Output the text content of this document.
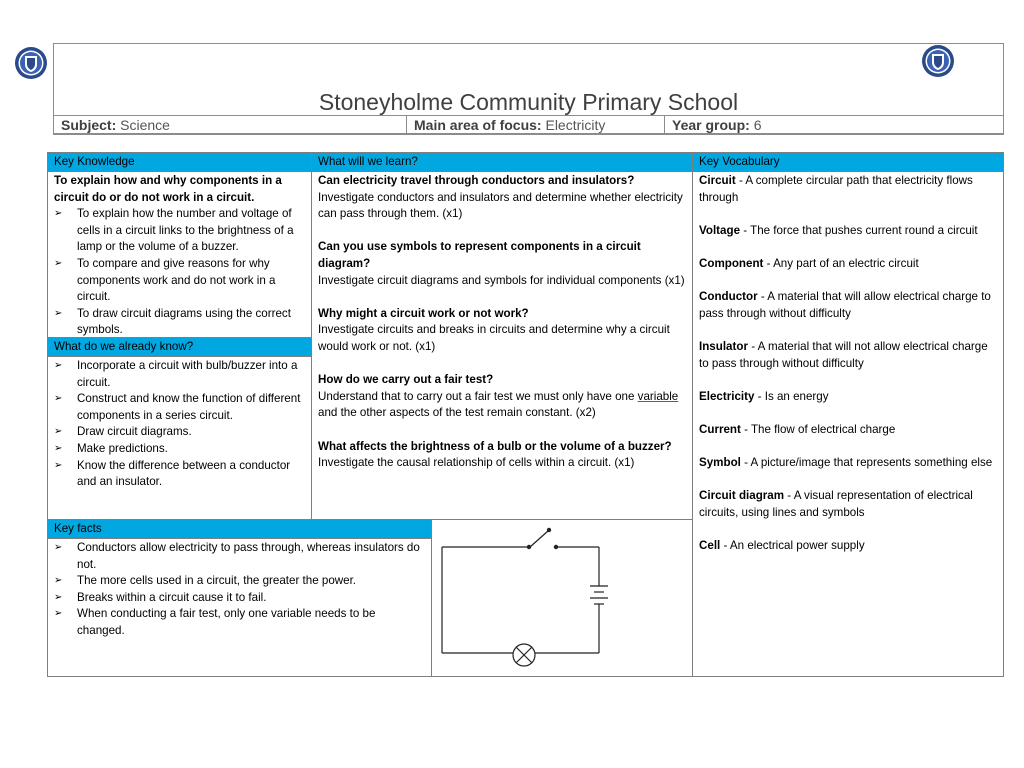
Stoneyholme Community Primary School
Subject: Science	Main area of focus: Electricity	Year group: 6
Key Knowledge

To explain how and why components in a circuit do or do not work in a circuit.

➢ To explain how the number and voltage of cells in a circuit links to the brightness of a lamp or the volume of a buzzer.
➢ To compare and give reasons for why components work and do not work in a circuit.
➢ To draw circuit diagrams using the correct symbols.
What do we already know?
➢ Incorporate a circuit with bulb/buzzer into a circuit.
➢ Construct and know the function of different components in a series circuit.
➢ Draw circuit diagrams.
➢ Make predictions.
➢ Know the difference between a conductor and an insulator.
What will we learn?

Can electricity travel through conductors and insulators?

Investigate conductors and insulators and determine whether electricity can pass through them. (x1)

Can you use symbols to represent components in a circuit diagram?

Investigate circuit diagrams and symbols for individual components (x1)

Why might a circuit work or not work?

Investigate circuits and breaks in circuits and determine why a circuit would work or not. (x1)

How do we carry out a fair test?

Understand that to carry out a fair test we must only have one variable and the other aspects of the test remain constant. (x2)

What affects the brightness of a bulb or the volume of a buzzer?

Investigate the causal relationship of cells within a circuit. (x1)

Key Vocabulary

Circuit - A complete circular path that electricity flows through

Voltage - The force that pushes current round a circuit

Component - Any part of an electric circuit

Conductor - A material that will allow electrical charge to pass through without difficulty

Insulator - A material that will not allow electrical charge to pass through without difficulty

Electricity - Is an energy

Current - The flow of electrical charge

Symbol - A picture/image that represents something else

Circuit diagram - A visual representation of electrical circuits, using lines and symbols

Cell - An electrical power supply

Key facts
➢ Conductors allow electricity to pass through, whereas insulators do not.
➢ The more cells used in a circuit, the greater the power.
➢ Breaks within a circuit cause it to fail.
➢ When conducting a fair test, only one variable needs to be changed.
